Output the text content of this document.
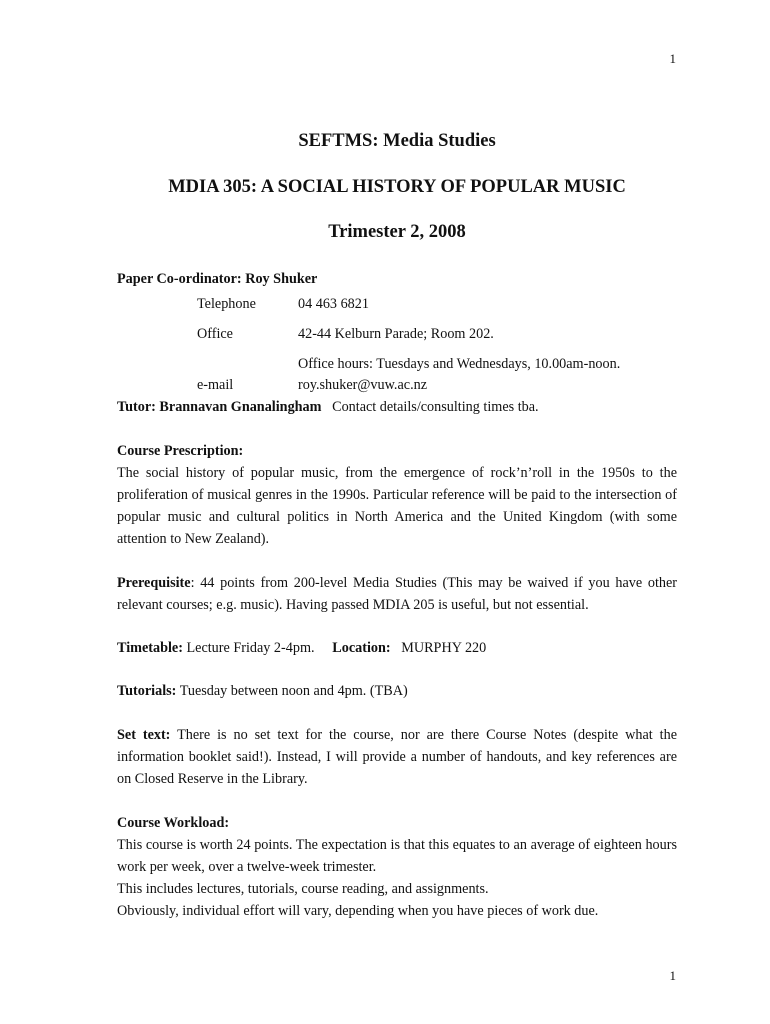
1
SEFTMS: Media Studies
MDIA 305: A SOCIAL HISTORY OF POPULAR MUSIC
Trimester 2, 2008
Paper Co-ordinator: Roy Shuker
Telephone	04 463 6821
Office	42-44 Kelburn Parade; Room 202.
Office hours: Tuesdays and Wednesdays, 10.00am-noon.
e-mail	roy.shuker@vuw.ac.nz
Tutor: Brannavan Gnanalingham Contact details/consulting times tba.
Course Prescription:

The social history of popular music, from the emergence of rock’n’roll in the 1950s to the proliferation of musical genres in the 1990s. Particular reference will be paid to the intersection of popular music and cultural politics in North America and the United Kingdom (with some attention to New Zealand).

Prerequisite: 44 points from 200-level Media Studies (This may be waived if you have other relevant courses; e.g. music). Having passed MDIA 205 is useful, but not essential.

Timetable: Lecture Friday 2-4pm. Location: MURPHY 220
Tutorials: Tuesday between noon and 4pm. (TBA)

Set text: There is no set text for the course, nor are there Course Notes (despite what the information booklet said!). Instead, I will provide a number of handouts, and key references are on Closed Reserve in the Library.

Course Workload:

This course is worth 24 points. The expectation is that this equates to an average of eighteen hours work per week, over a twelve-week trimester.

This includes lectures, tutorials, course reading, and assignments.

Obviously, individual effort will vary, depending when you have pieces of work due.

1
